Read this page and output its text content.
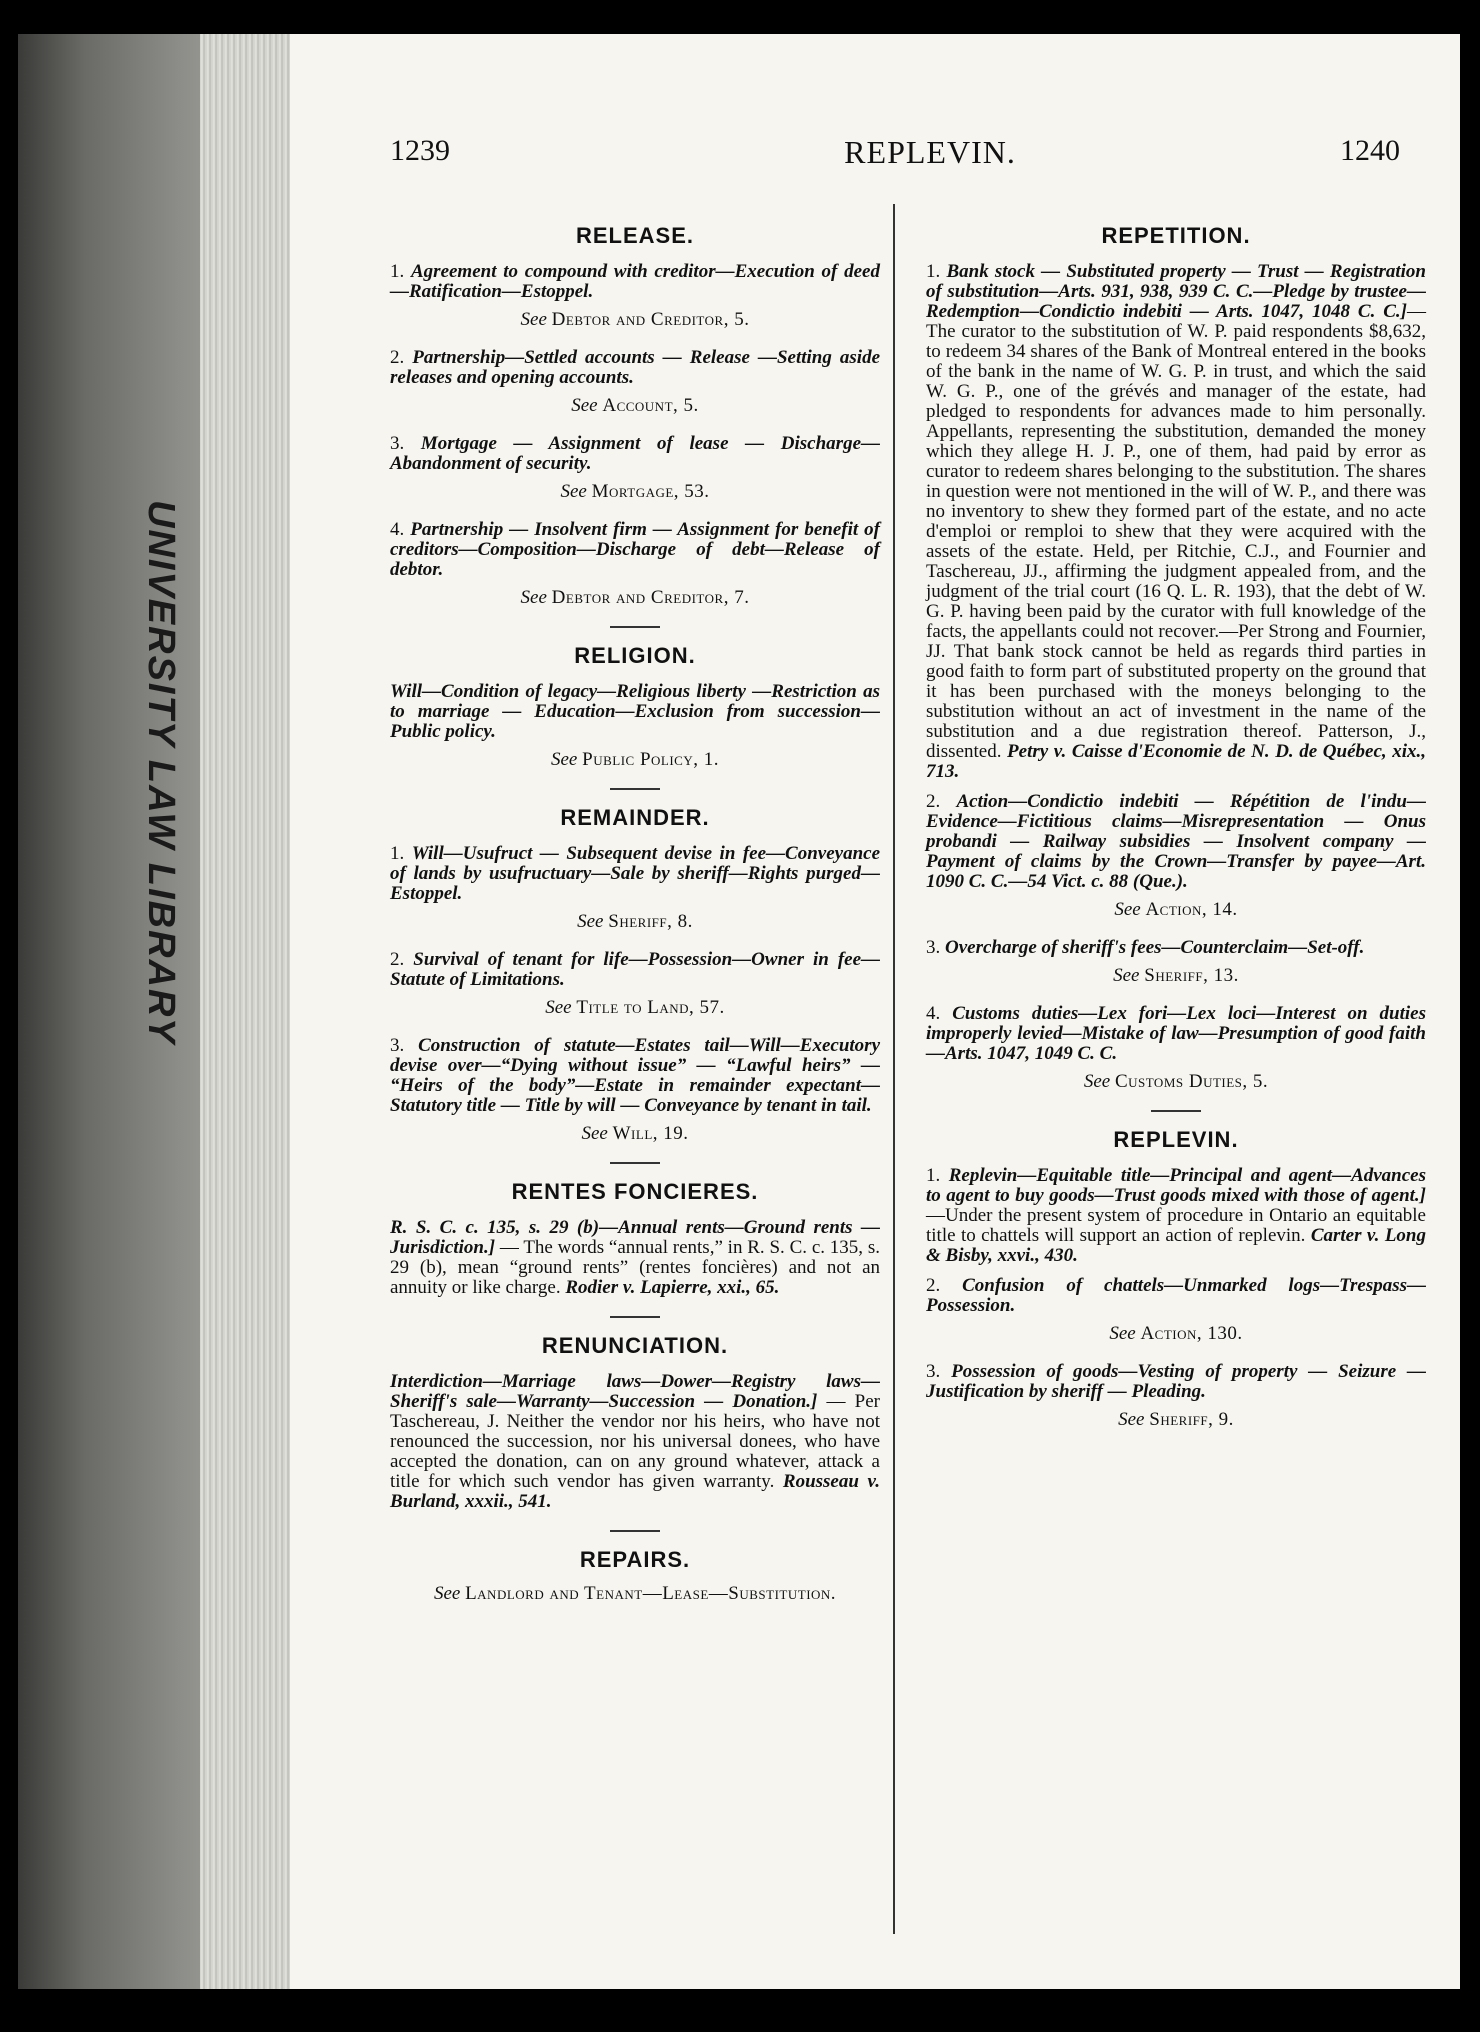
UNIVERSITY LAW LIBRARY
1239	REPLEVIN.	1240
RELEASE.

1. Agreement to compound with creditor—Execution of deed—Ratification—Estoppel.

See Debtor and Creditor, 5.

2. Partnership—Settled accounts — Release —Setting aside releases and opening accounts.

See Account, 5.

3. Mortgage — Assignment of lease — Discharge—Abandonment of security.

See Mortgage, 53.

4. Partnership — Insolvent firm — Assignment for benefit of creditors—Composition—Discharge of debt—Release of debtor.

See Debtor and Creditor, 7.
RELIGION.

Will—Condition of legacy—Religious liberty —Restriction as to marriage — Education—Exclusion from succession—Public policy.

See Public Policy, 1.
REMAINDER.

1. Will—Usufruct — Subsequent devise in fee—Conveyance of lands by usufructuary—Sale by sheriff—Rights purged—Estoppel.

See Sheriff, 8.

2. Survival of tenant for life—Possession—Owner in fee—Statute of Limitations.

See Title to Land, 57.

3. Construction of statute—Estates tail—Will—Executory devise over—“Dying without issue” — “Lawful heirs” — “Heirs of the body”—Estate in remainder expectant—Statutory title — Title by will — Conveyance by tenant in tail.

See Will, 19.
RENTES FONCIERES.

R. S. C. c. 135, s. 29 (b)—Annual rents—Ground rents — Jurisdiction.] — The words “annual rents,” in R. S. C. c. 135, s. 29 (b), mean “ground rents” (rentes foncières) and not an annuity or like charge. Rodier v. Lapierre, xxi., 65.

RENUNCIATION.

Interdiction—Marriage laws—Dower—Registry laws—Sheriff's sale—Warranty—Succession — Donation.] — Per Taschereau, J. Neither the vendor nor his heirs, who have not renounced the succession, nor his universal donees, who have accepted the donation, can on any ground whatever, attack a title for which such vendor has given warranty. Rousseau v. Burland, xxxii., 541.

REPAIRS.
See Landlord and Tenant—Lease—Substitution.
REPETITION.

1. Bank stock — Substituted property — Trust — Registration of substitution—Arts. 931, 938, 939 C. C.—Pledge by trustee—Redemption—Condictio indebiti — Arts. 1047, 1048 C. C.]—The curator to the substitution of W. P. paid respondents $8,632, to redeem 34 shares of the Bank of Montreal entered in the books of the bank in the name of W. G. P. in trust, and which the said W. G. P., one of the grévés and manager of the estate, had pledged to respondents for advances made to him personally. Appellants, representing the substitution, demanded the money which they allege H. J. P., one of them, had paid by error as curator to redeem shares belonging to the substitution. The shares in question were not mentioned in the will of W. P., and there was no inventory to shew they formed part of the estate, and no acte d'emploi or remploi to shew that they were acquired with the assets of the estate. Held, per Ritchie, C.J., and Fournier and Taschereau, JJ., affirming the judgment appealed from, and the judgment of the trial court (16 Q. L. R. 193), that the debt of W. G. P. having been paid by the curator with full knowledge of the facts, the appellants could not recover.—Per Strong and Fournier, JJ. That bank stock cannot be held as regards third parties in good faith to form part of substituted property on the ground that it has been purchased with the moneys belonging to the substitution without an act of investment in the name of the substitution and a due registration thereof. Patterson, J., dissented. Petry v. Caisse d'Economie de N. D. de Québec, xix., 713.

2. Action—Condictio indebiti — Répétition de l'indu—Evidence—Fictitious claims—Misrepresentation — Onus probandi — Railway subsidies — Insolvent company — Payment of claims by the Crown—Transfer by payee—Art. 1090 C. C.—54 Vict. c. 88 (Que.).

See Action, 14.

3. Overcharge of sheriff's fees—Counterclaim—Set-off.

See Sheriff, 13.

4. Customs duties—Lex fori—Lex loci—Interest on duties improperly levied—Mistake of law—Presumption of good faith—Arts. 1047, 1049 C. C.

See Customs Duties, 5.
REPLEVIN.

1. Replevin—Equitable title—Principal and agent—Advances to agent to buy goods—Trust goods mixed with those of agent.]—Under the present system of procedure in Ontario an equitable title to chattels will support an action of replevin. Carter v. Long & Bisby, xxvi., 430.

2. Confusion of chattels—Unmarked logs—Trespass—Possession.

See Action, 130.

3. Possession of goods—Vesting of property — Seizure — Justification by sheriff — Pleading.

See Sheriff, 9.
